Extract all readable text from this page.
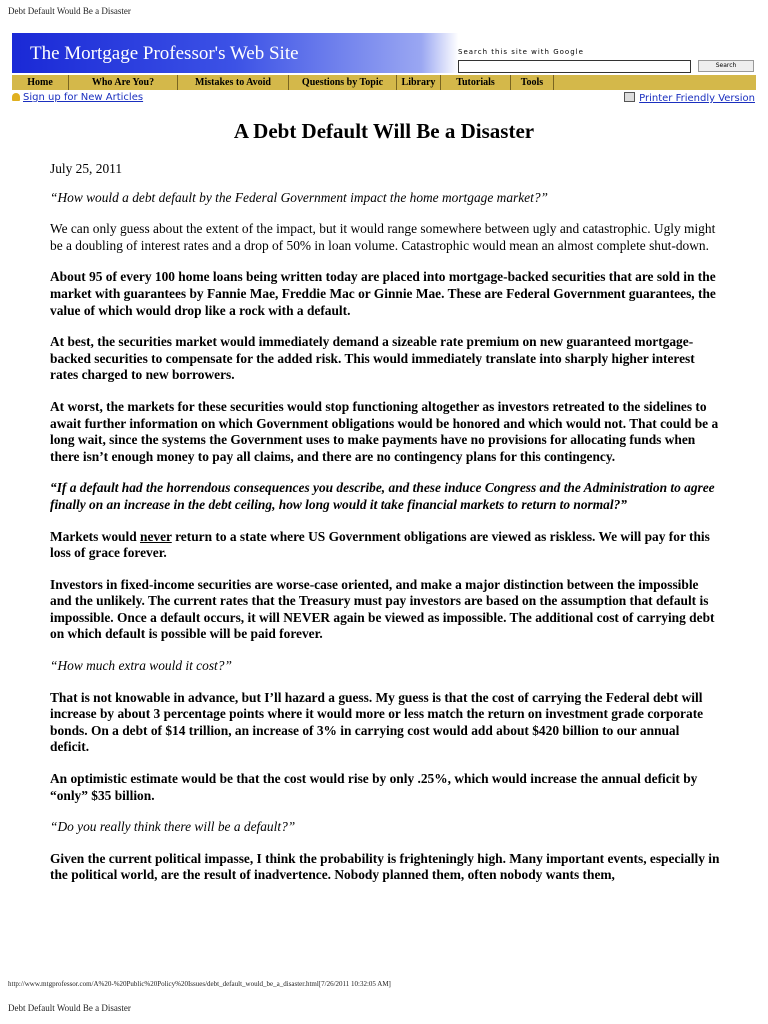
Debt Default Would Be a Disaster
The Mortgage Professor's Web Site	Search this site with Google
Search
Home	Who Are You?	Mistakes to Avoid	Questions by Topic	Library	Tutorials	Tools
Sign up for New Articles	Printer Friendly Version
A Debt Default Will Be a Disaster

July 25, 2011

“How would a debt default by the Federal Government impact the home mortgage market?”

We can only guess about the extent of the impact, but it would range somewhere between ugly and catastrophic. Ugly might be a doubling of interest rates and a drop of 50% in loan volume. Catastrophic would mean an almost complete shut-down.

About 95 of every 100 home loans being written today are placed into mortgage-backed securities that are sold in the market with guarantees by Fannie Mae, Freddie Mac or Ginnie Mae. These are Federal Government guarantees, the value of which would drop like a rock with a default.

At best, the securities market would immediately demand a sizeable rate premium on new guaranteed mortgage-backed securities to compensate for the added risk. This would immediately translate into sharply higher interest rates charged to new borrowers.

At worst, the markets for these securities would stop functioning altogether as investors retreated to the sidelines to await further information on which Government obligations would be honored and which would not. That could be a long wait, since the systems the Government uses to make payments have no provisions for allocating funds when there isn’t enough money to pay all claims, and there are no contingency plans for this contingency.

“If a default had the horrendous consequences you describe, and these induce Congress and the Administration to agree finally on an increase in the debt ceiling, how long would it take financial markets to return to normal?”

Markets would never return to a state where US Government obligations are viewed as riskless. We will pay for this loss of grace forever.

Investors in fixed-income securities are worse-case oriented, and make a major distinction between the impossible and the unlikely. The current rates that the Treasury must pay investors are based on the assumption that default is impossible. Once a default occurs, it will NEVER again be viewed as impossible. The additional cost of carrying debt on which default is possible will be paid forever.

“How much extra would it cost?”

That is not knowable in advance, but I’ll hazard a guess. My guess is that the cost of carrying the Federal debt will increase by about 3 percentage points where it would more or less match the return on investment grade corporate bonds. On a debt of $14 trillion, an increase of 3% in carrying cost would add about $420 billion to our annual deficit.

An optimistic estimate would be that the cost would rise by only .25%, which would increase the annual deficit by “only” $35 billion.

“Do you really think there will be a default?”

Given the current political impasse, I think the probability is frighteningly high. Many important events, especially in the political world, are the result of inadvertence. Nobody planned them, often nobody wants them,

http://www.mtgprofessor.com/A%20-%20Public%20Policy%20Issues/debt_default_would_be_a_disaster.html[7/26/2011 10:32:05 AM]
Debt Default Would Be a Disaster
